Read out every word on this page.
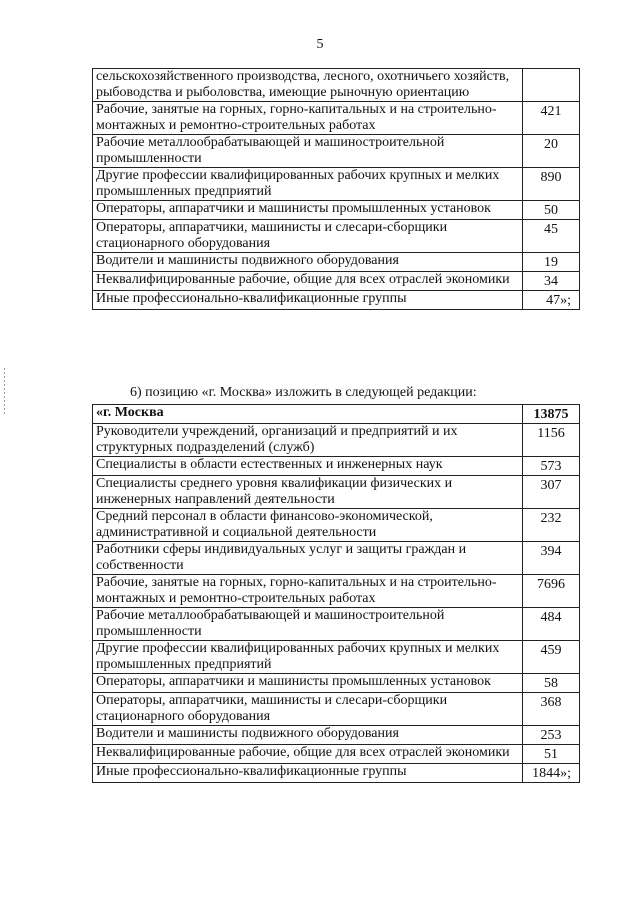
5
сельскохозяйственного производства, лесного, охотничьего хозяйств, рыбоводства и рыболовства, имеющие рыночную ориентацию	
Рабочие, занятые на горных, горно-капитальных и на строительно-монтажных и ремонтно-строительных работах	421
Рабочие металлообрабатывающей и машиностроительной промышленности	20
Другие профессии квалифицированных рабочих крупных и мелких промышленных предприятий	890
Операторы, аппаратчики и машинисты промышленных установок	50
Операторы, аппаратчики, машинисты и слесари-сборщики стационарного оборудования	45
Водители и машинисты подвижного оборудования	19
Неквалифицированные рабочие, общие для всех отраслей экономики	34
Иные профессионально-квалификационные группы	47»;
6) позицию «г. Москва» изложить в следующей редакции:
«г. Москва	13875
Руководители учреждений, организаций и предприятий и их структурных подразделений (служб)	1156
Специалисты в области естественных и инженерных наук	573
Специалисты среднего уровня квалификации физических и инженерных направлений деятельности	307
Средний персонал в области финансово-экономической, административной и социальной деятельности	232
Работники сферы индивидуальных услуг и защиты граждан и собственности	394
Рабочие, занятые на горных, горно-капитальных и на строительно-монтажных и ремонтно-строительных работах	7696
Рабочие металлообрабатывающей и машиностроительной промышленности	484
Другие профессии квалифицированных рабочих крупных и мелких промышленных предприятий	459
Операторы, аппаратчики и машинисты промышленных установок	58
Операторы, аппаратчики, машинисты и слесари-сборщики стационарного оборудования	368
Водители и машинисты подвижного оборудования	253
Неквалифицированные рабочие, общие для всех отраслей экономики	51
Иные профессионально-квалификационные группы	1844»;
